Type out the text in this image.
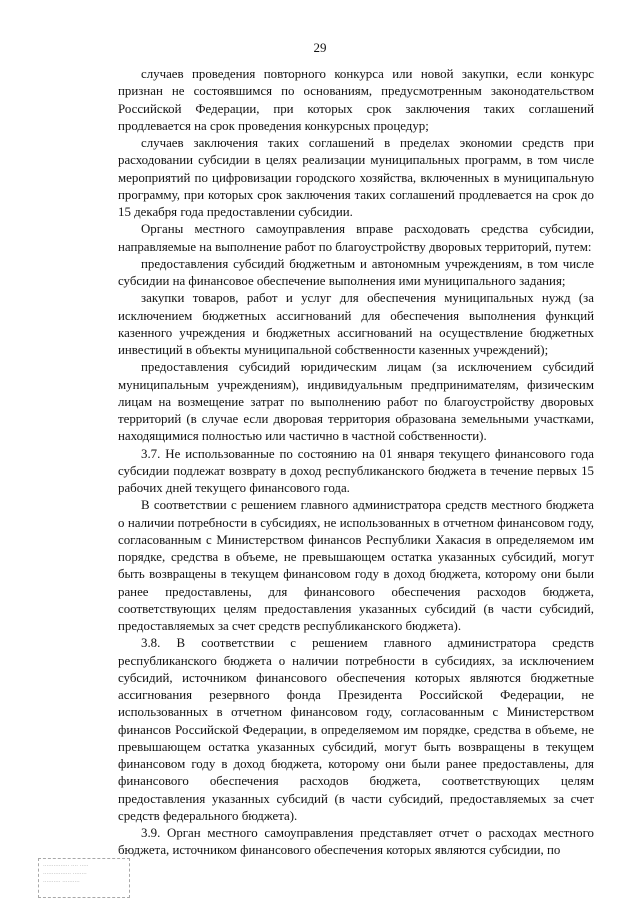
29

случаев проведения повторного конкурса или новой закупки, если конкурс признан не состоявшимся по основаниям, предусмотренным законодательством Российской Федерации, при которых срок заключения таких соглашений продлевается на срок проведения конкурсных процедур;

случаев заключения таких соглашений в пределах экономии средств при расходовании субсидии в целях реализации муниципальных программ, в том числе мероприятий по цифровизации городского хозяйства, включенных в муниципальную программу, при которых срок заключения таких соглашений продлевается на срок до 15 декабря года предоставлении субсидии.

Органы местного самоуправления вправе расходовать средства субсидии, направляемые на выполнение работ по благоустройству дворовых территорий, путем:

предоставления субсидий бюджетным и автономным учреждениям, в том числе субсидии на финансовое обеспечение выполнения ими муниципального задания;

закупки товаров, работ и услуг для обеспечения муниципальных нужд (за исключением бюджетных ассигнований для обеспечения выполнения функций казенного учреждения и бюджетных ассигнований на осуществление бюджетных инвестиций в объекты муниципальной собственности казенных учреждений);

предоставления субсидий юридическим лицам (за исключением субсидий муниципальным учреждениям), индивидуальным предпринимателям, физическим лицам на возмещение затрат по выполнению работ по благоустройству дворовых территорий (в случае если дворовая территория образована земельными участками, находящимися полностью или частично в частной собственности).

3.7. Не использованные по состоянию на 01 января текущего финансового года субсидии подлежат возврату в доход республиканского бюджета в течение первых 15 рабочих дней текущего финансового года.

В соответствии с решением главного администратора средств местного бюджета о наличии потребности в субсидиях, не использованных в отчетном финансовом году, согласованным с Министерством финансов Республики Хакасия в определяемом им порядке, средства в объеме, не превышающем остатка указанных субсидий, могут быть возвращены в текущем финансовом году в доход бюджета, которому они были ранее предоставлены, для финансового обеспечения расходов бюджета, соответствующих целям предоставления указанных субсидий (в части субсидий, предоставляемых за счет средств республиканского бюджета).

3.8. В соответствии с решением главного администратора средств республиканского бюджета о наличии потребности в субсидиях, за исключением субсидий, источником финансового обеспечения которых являются бюджетные ассигнования резервного фонда Президента Российской Федерации, не использованных в отчетном финансовом году, согласованным с Министерством финансов Российской Федерации, в определяемом им порядке, средства в объеме, не превышающем остатка указанных субсидий, могут быть возвращены в текущем финансовом году в доход бюджета, которому они были ранее предоставлены, для финансового обеспечения расходов бюджета, соответствующих целям предоставления указанных субсидий (в части субсидий, предоставляемых за счет средств федерального бюджета).

3.9. Орган местного самоуправления представляет отчет о расходах местного бюджета, источником финансового обеспечения которых являются субсидии, по

··············· ···· ·····
················ ········
·········· ··········
